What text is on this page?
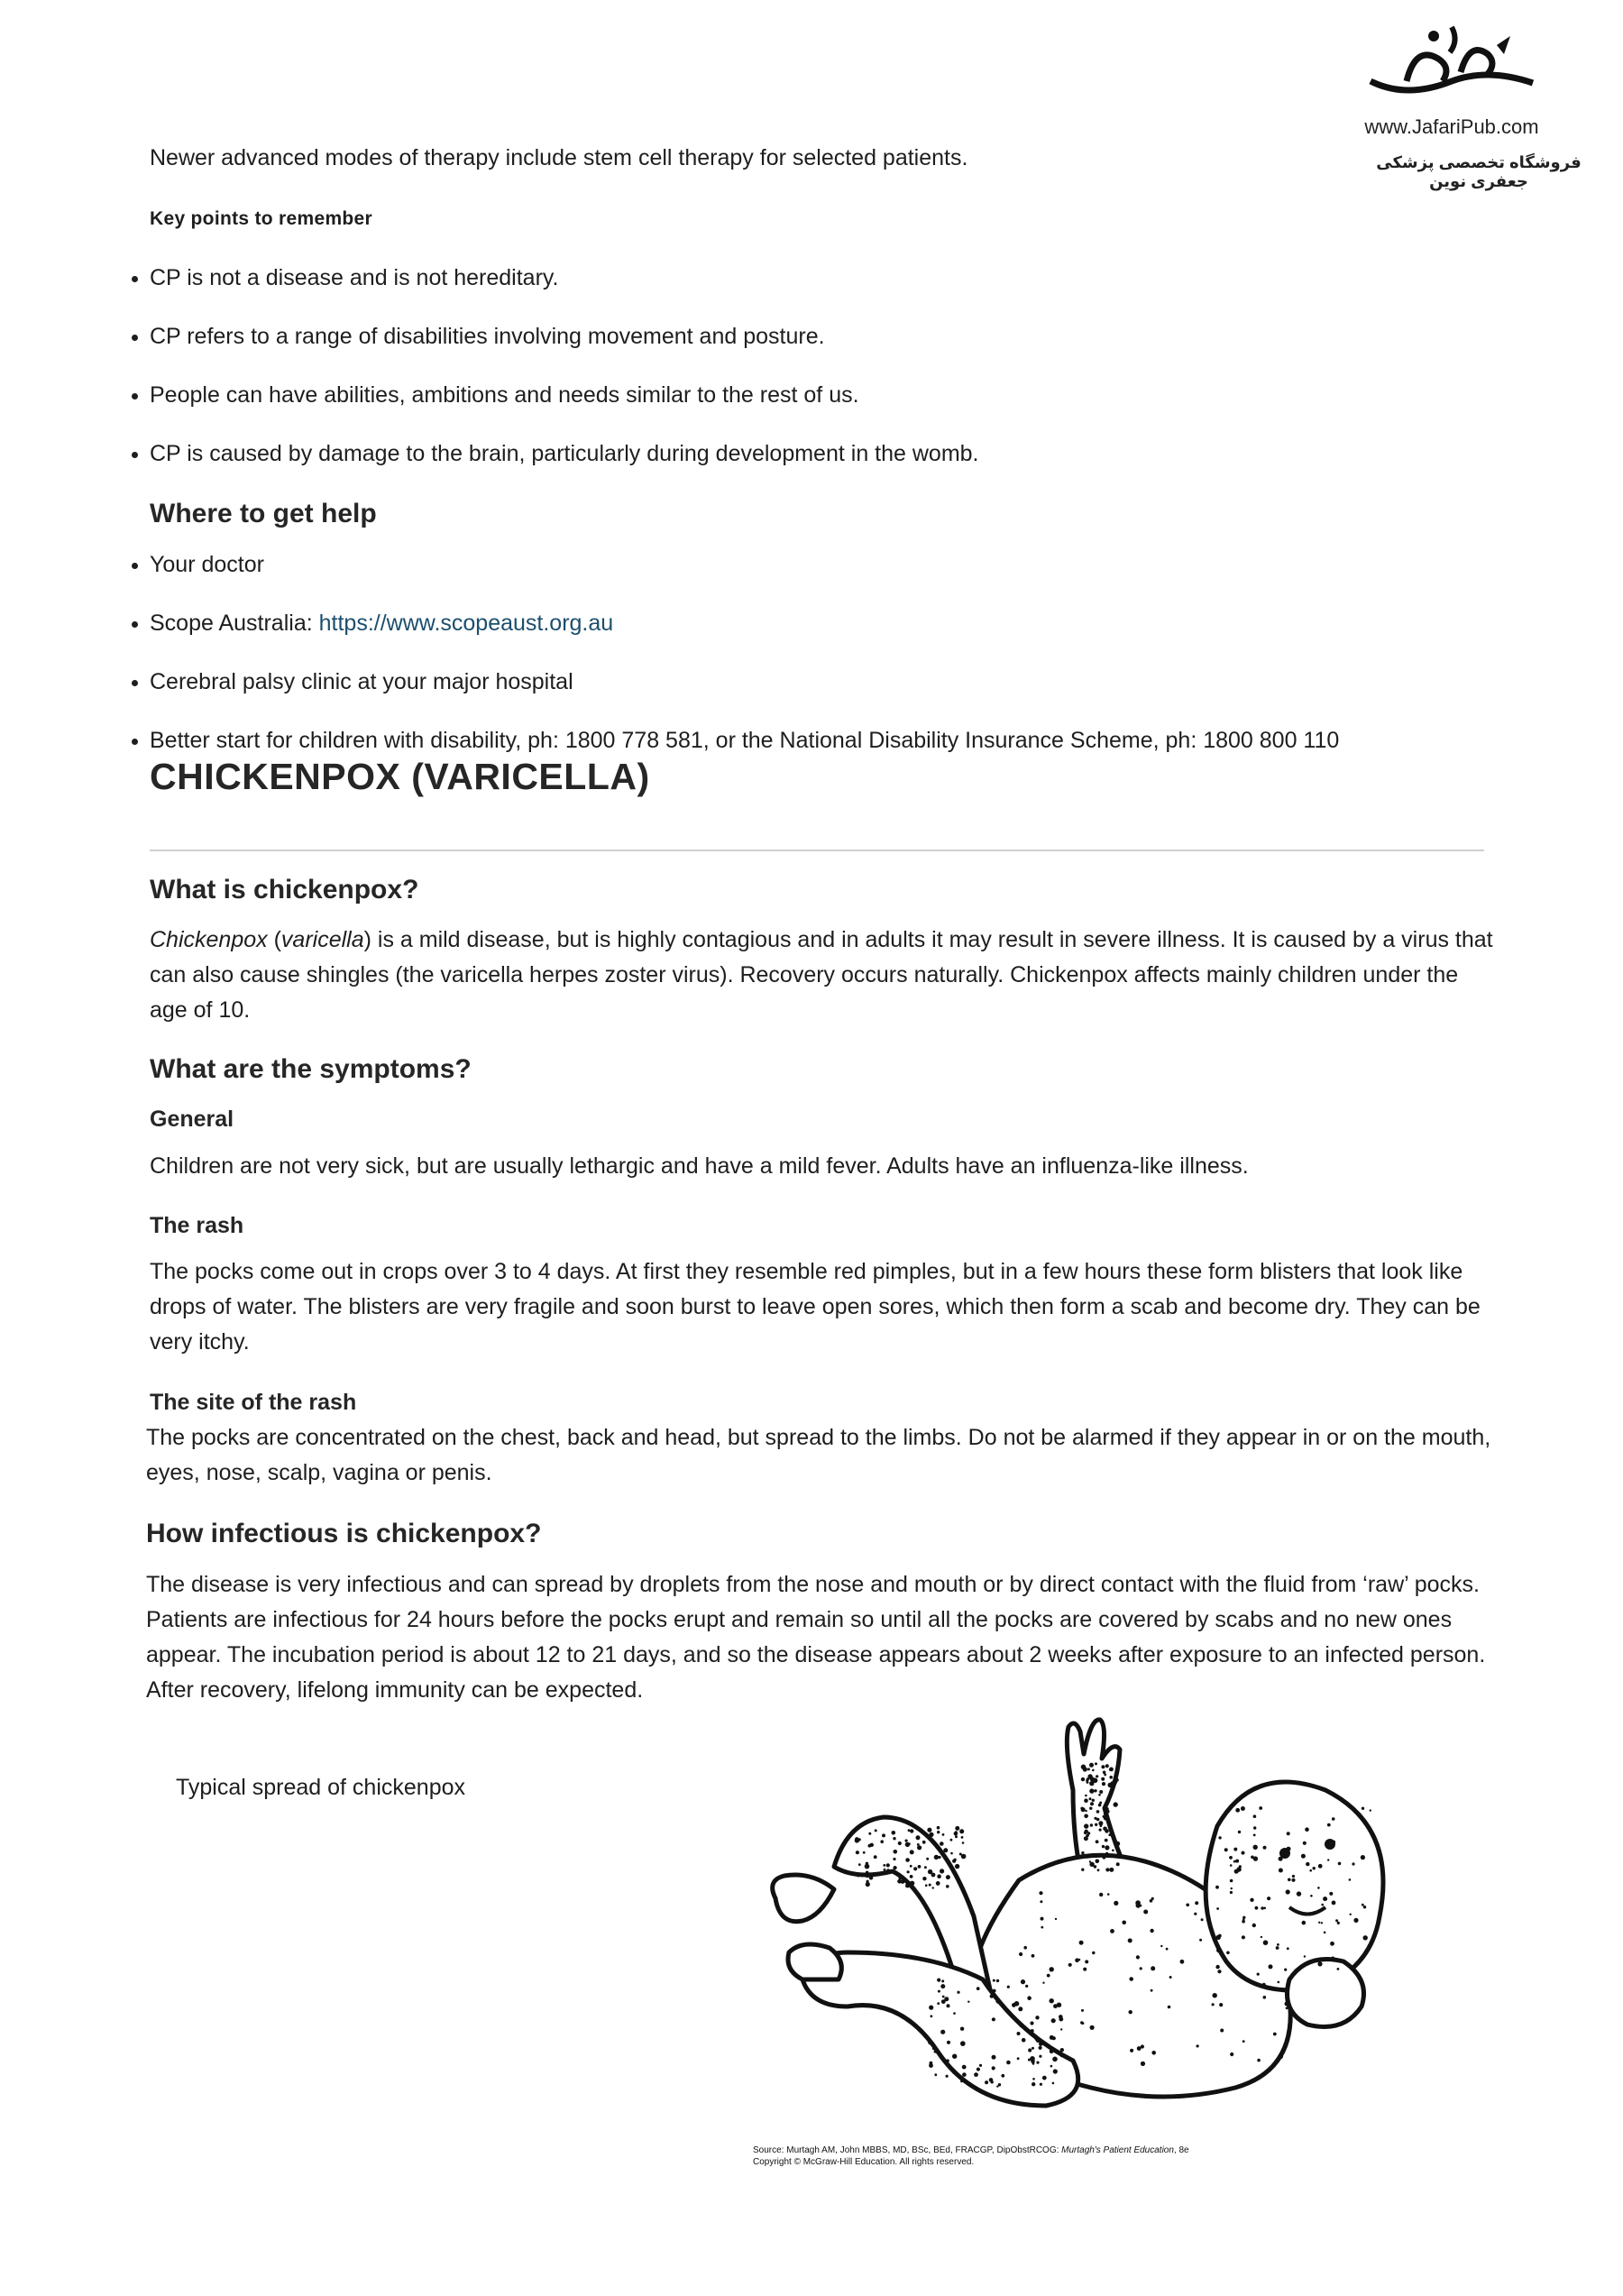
www.JafariPub.com
فروشگاه تخصصی پزشکی جعفری نوین

Newer advanced modes of therapy include stem cell therapy for selected patients.

Key points to remember
CP is not a disease and is not hereditary.
CP refers to a range of disabilities involving movement and posture.
People can have abilities, ambitions and needs similar to the rest of us.
CP is caused by damage to the brain, particularly during development in the womb.
Where to get help
Your doctor
Scope Australia: https://www.scopeaust.org.au
Cerebral palsy clinic at your major hospital
Better start for children with disability, ph: 1800 778 581, or the National Disability Insurance Scheme, ph: 1800 800 110
CHICKENPOX (VARICELLA)
What is chickenpox?

Chickenpox (varicella) is a mild disease, but is highly contagious and in adults it may result in severe illness. It is caused by a virus that can also cause shingles (the varicella herpes zoster virus). Recovery occurs naturally. Chickenpox affects mainly children under the age of 10.

What are the symptoms?
General

Children are not very sick, but are usually lethargic and have a mild fever. Adults have an influenza-like illness.

The rash

The pocks come out in crops over 3 to 4 days. At first they resemble red pimples, but in a few hours these form blisters that look like drops of water. The blisters are very fragile and soon burst to leave open sores, which then form a scab and become dry. They can be very itchy.

The site of the rash

The pocks are concentrated on the chest, back and head, but spread to the limbs. Do not be alarmed if they appear in or on the mouth, eyes, nose, scalp, vagina or penis.

How infectious is chickenpox?

The disease is very infectious and can spread by droplets from the nose and mouth or by direct contact with the fluid from ‘raw’ pocks. Patients are infectious for 24 hours before the pocks erupt and remain so until all the pocks are covered by scabs and no new ones appear. The incubation period is about 12 to 21 days, and so the disease appears about 2 weeks after exposure to an infected person. After recovery, lifelong immunity can be expected.

Typical spread of chickenpox
Source: Murtagh AM, John MBBS, MD, BSc, BEd, FRACGP, DipObstRCOG: Murtagh's Patient Education, 8e
Copyright © McGraw-Hill Education. All rights reserved.
